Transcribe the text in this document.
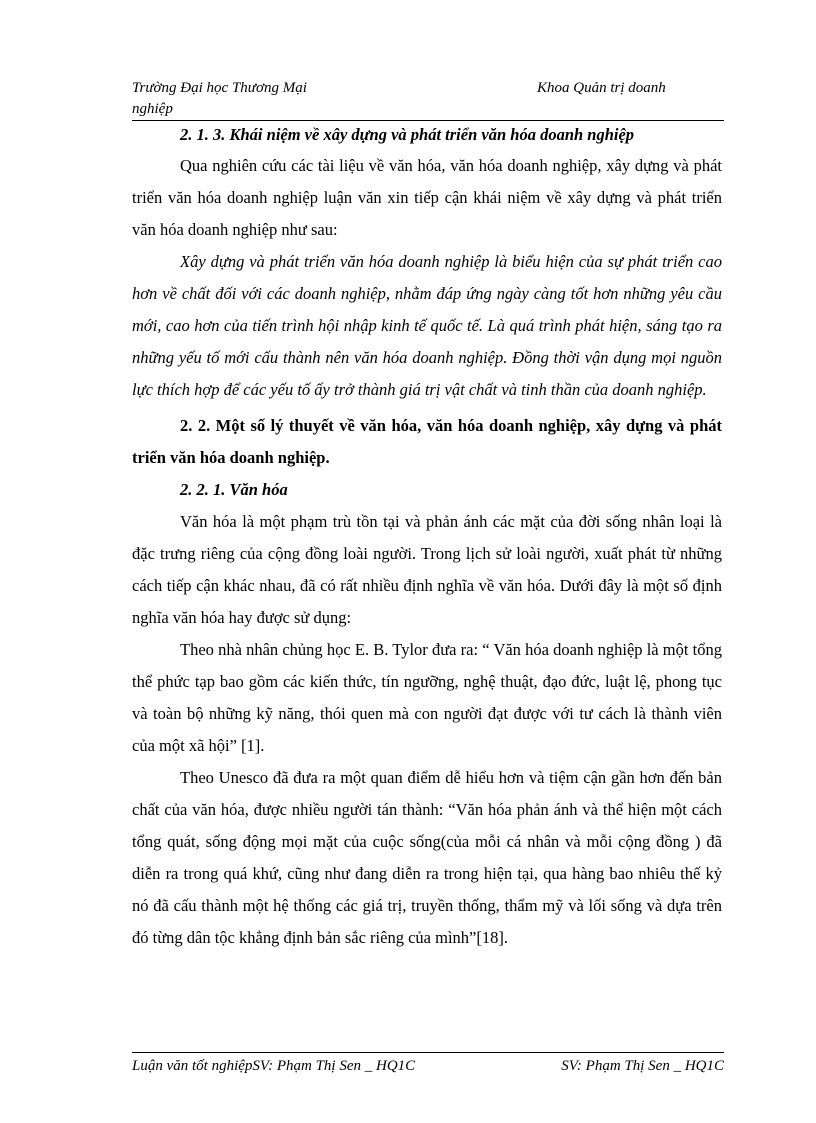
Trường Đại học Thương Mại	Khoa Quản trị doanh
nghiệp

2. 1. 3. Khái niệm về xây dựng và phát triển văn hóa doanh nghiệp

Qua nghiên cứu các tài liệu về văn hóa, văn hóa doanh nghiệp, xây dựng và phát triển văn hóa doanh nghiệp luận văn xin tiếp cận khái niệm về xây dựng và phát triển văn hóa doanh nghiệp như sau:

Xây dựng và phát triển văn hóa doanh nghiệp là biểu hiện của sự phát triển cao hơn về chất đối với các doanh nghiệp, nhằm đáp ứng ngày càng tốt hơn những yêu cầu mới, cao hơn của tiến trình hội nhập kinh tế quốc tế. Là quá trình phát hiện, sáng tạo ra những yếu tố mới cấu thành nên văn hóa doanh nghiệp. Đồng thời vận dụng mọi nguồn lực thích hợp để các yếu tố ấy trở thành giá trị vật chất và tinh thần của doanh nghiệp.

2. 2. Một số lý thuyết về văn hóa, văn hóa doanh nghiệp, xây dựng và phát triển văn hóa doanh nghiệp.

2. 2. 1. Văn hóa

Văn hóa là một phạm trù tồn tại và phản ánh các mặt của đời sống nhân loại là đặc trưng riêng của cộng đồng loài người. Trong lịch sử loài người, xuất phát từ những cách tiếp cận khác nhau, đã có rất nhiều định nghĩa về văn hóa. Dưới đây là một số định nghĩa văn hóa hay được sử dụng:

Theo nhà nhân chủng học E. B. Tylor đưa ra: “ Văn hóa doanh nghiệp là một tổng thể phức tạp bao gồm các kiến thức, tín ngưỡng, nghệ thuật, đạo đức, luật lệ, phong tục và toàn bộ những kỹ năng, thói quen mà con người đạt được với tư cách là thành viên của một xã hội” [1].

Theo Unesco đã đưa ra một quan điểm dễ hiểu hơn và tiệm cận gần hơn đến bản chất của văn hóa, được nhiều người tán thành: “Văn hóa phản ánh và thể hiện một cách tổng quát, sống động mọi mặt của cuộc sống(của mỗi cá nhân và mỗi cộng đồng ) đã diễn ra trong quá khứ, cũng như đang diễn ra trong hiện tại, qua hàng bao nhiêu thế kỷ nó đã cấu thành một hệ thống các giá trị, truyền thống, thẩm mỹ và lối sống và dựa trên đó từng dân tộc khẳng định bản sắc riêng của mình”[18].

Luận văn tốt nghiệpSV: Phạm Thị Sen _ HQ1C	SV: Phạm Thị Sen _ HQ1C
